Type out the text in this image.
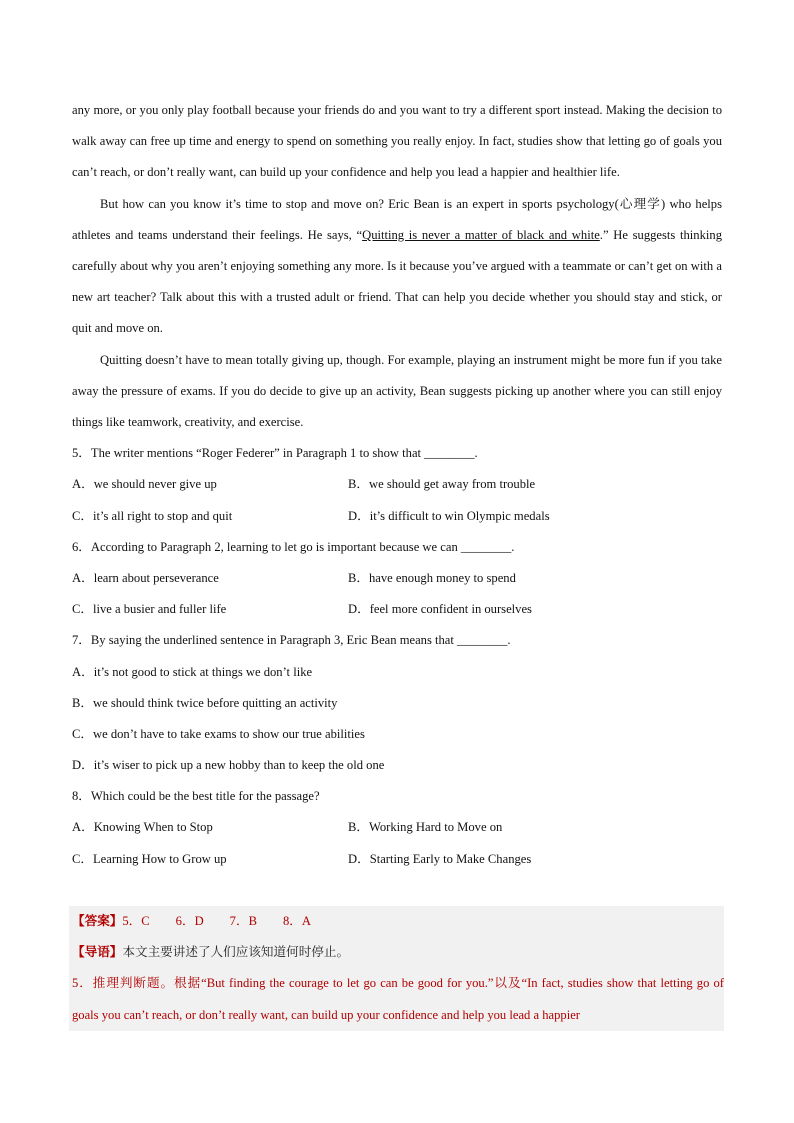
any more, or you only play football because your friends do and you want to try a different sport instead. Making the decision to walk away can free up time and energy to spend on something you really enjoy. In fact, studies show that letting go of goals you can’t reach, or don’t really want, can build up your confidence and help you lead a happier and healthier life.

But how can you know it’s time to stop and move on? Eric Bean is an expert in sports psychology(心理学) who helps athletes and teams understand their feelings. He says, “Quitting is never a matter of black and white.” He suggests thinking carefully about why you aren’t enjoying something any more. Is it because you’ve argued with a teammate or can’t get on with a new art teacher? Talk about this with a trusted adult or friend. That can help you decide whether you should stay and stick, or quit and move on.

Quitting doesn’t have to mean totally giving up, though. For example, playing an instrument might be more fun if you take away the pressure of exams. If you do decide to give up an activity, Bean suggests picking up another where you can still enjoy things like teamwork, creativity, and exercise.

5．The writer mentions “Roger Federer” in Paragraph 1 to show that ________.
A．we should never give up	B．we should get away from trouble
C．it’s all right to stop and quit	D．it’s difficult to win Olympic medals
6．According to Paragraph 2, learning to let go is important because we can ________.
A．learn about perseverance	B．have enough money to spend
C．live a busier and fuller life	D．feel more confident in ourselves
7．By saying the underlined sentence in Paragraph 3, Eric Bean means that ________.
A．it’s not good to stick at things we don’t like
B．we should think twice before quitting an activity
C．we don’t have to take exams to show our true abilities
D．it’s wiser to pick up a new hobby than to keep the old one
8．Which could be the best title for the passage?
A．Knowing When to Stop	B．Working Hard to Move on
C．Learning How to Grow up	D．Starting Early to Make Changes
【答案】5．C 6．D 7．B 8．A
【导语】本文主要讲述了人们应该知道何时停止。
5．推理判断题。根据“But finding the courage to let go can be good for you.”以及“In fact, studies show that letting go of goals you can’t reach, or don’t really want, can build up your confidence and help you lead a happier
